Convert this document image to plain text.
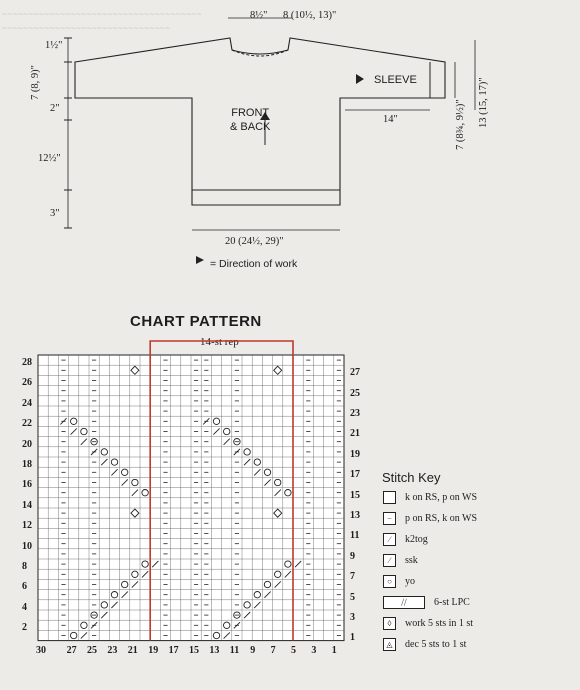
~~~~~~~~~~~~~~~~~~~~~~~~~~~~~~~~~~~~~~
~~~~~~~~~~~~~~~~~~~~~~~~~~~~~~~~
8½" 8 (10½, 13)"
1½"
7 (8, 9)"
2"
12½"
3"
20 (24½, 29)"
FRONT
& BACK
SLEEVE
14"	7 (8¾, 9½)" 13 (15, 17)"
= Direction of work
CHART PATTERN
14-st rep
28
26
24
22
20
18
16
14
12
10
8
6
4
2
27
25
23
21
19
17
15
13
11
9
7
5
3
1
30 27 25 23 21 19 17 15 13 11 9 7 5 3 1
Stitch Key
k on RS, p on WS
−	p on RS, k on WS
⁄	k2tog
⁄	ssk
○	yo
⧸⧸	6-st LPC
◊	work 5 sts in 1 st
◬	dec 5 sts to 1 st
